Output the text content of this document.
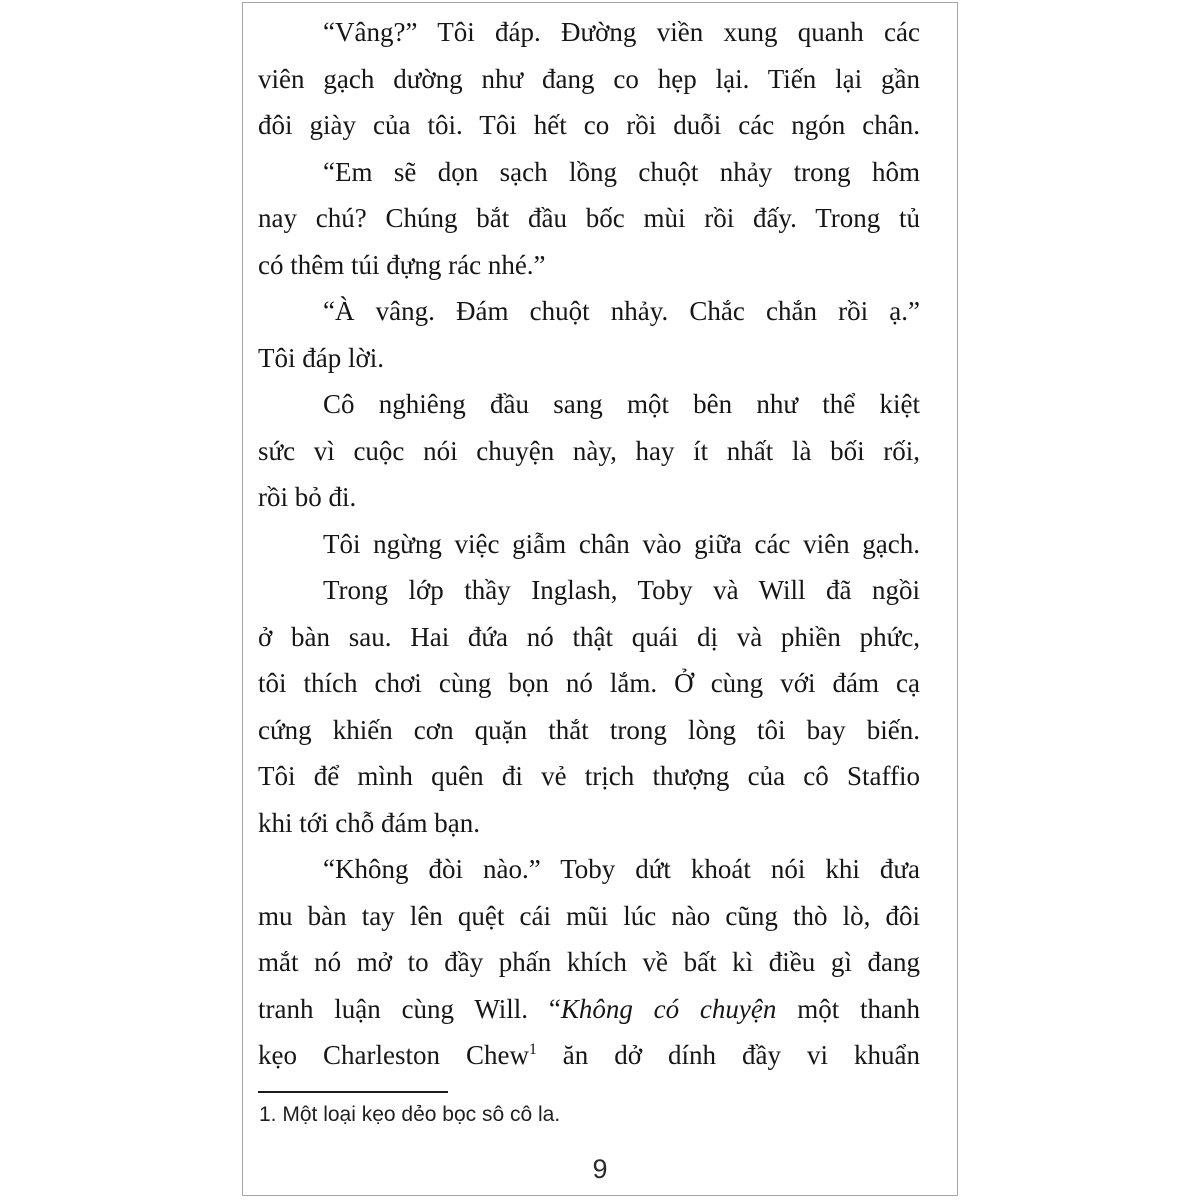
“Vâng?” Tôi đáp. Đường viền xung quanh các
viên gạch dường như đang co hẹp lại. Tiến lại gần
đôi giày của tôi. Tôi hết co rồi duỗi các ngón chân.
“Em sẽ dọn sạch lồng chuột nhảy trong hôm
nay chú? Chúng bắt đầu bốc mùi rồi đấy. Trong tủ
có thêm túi đựng rác nhé.”
“À vâng. Đám chuột nhảy. Chắc chắn rồi ạ.”
Tôi đáp lời.
Cô nghiêng đầu sang một bên như thể kiệt
sức vì cuộc nói chuyện này, hay ít nhất là bối rối,
rồi bỏ đi.
Tôi ngừng việc giẫm chân vào giữa các viên gạch.
Trong lớp thầy Inglash, Toby và Will đã ngồi
ở bàn sau. Hai đứa nó thật quái dị và phiền phức,
tôi thích chơi cùng bọn nó lắm. Ở cùng với đám cạ
cứng khiến cơn quặn thắt trong lòng tôi bay biến.
Tôi để mình quên đi vẻ trịch thượng của cô Staffio
khi tới chỗ đám bạn.
“Không đòi nào.” Toby dứt khoát nói khi đưa
mu bàn tay lên quệt cái mũi lúc nào cũng thò lò, đôi
mắt nó mở to đầy phấn khích về bất kì điều gì đang
tranh luận cùng Will. “Không có chuyện một thanh
kẹo Charleston Chew$^1$ ăn dở dính đầy vi khuẩn
1. Một loại kẹo dẻo bọc sô cô la.
9
